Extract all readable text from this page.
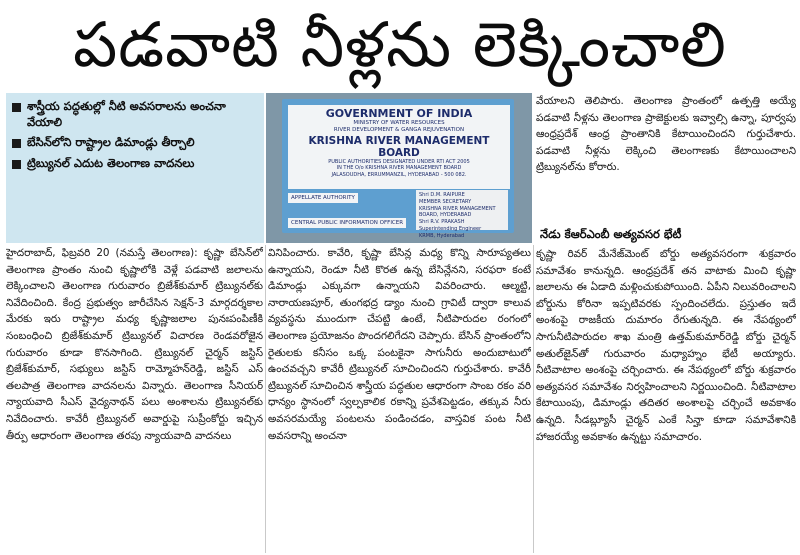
పడవాటి నీళ్లను లెక్కించాలి
శాస్త్రీయ పద్ధతుల్లో నీటి అవసరాలను అంచనా వేయాలి
బేసిన్‌లోని రాష్ట్రాల డిమాండ్లు తీర్చాలి
ట్రిబ్యునల్ ఎదుట తెలంగాణ వాదనలు
GOVERNMENT OF INDIA
MINISTRY OF WATER RESOURCES
RIVER DEVELOPMENT & GANGA REJUVENATION
KRISHNA RIVER MANAGEMENT BOARD
PUBLIC AUTHORITIES DESIGNATED UNDER RTI ACT 2005
IN THE O/o KRISHNA RIVER MANAGEMENT BOARD
JALASOUDHA, ERRUMMANZIL, HYDERABAD - 500 082.
APPELLATE AUTHORITY
CENTRAL PUBLIC INFORMATION OFFICER
Shri D.M. RAIPURE
MEMBER SECRETARY
KRISHNA RIVER MANAGEMENT BOARD, HYDERABAD
Shri R.V. PRAKASH
Superintending Engineer
KRMB, Hyderabad
వేయాలని తెలిపారు. తెలంగాణ ప్రాంతంలో ఉత్పత్తి అయ్యే పడవాటి నీళ్లను తెలంగాణ ప్రాజెక్టులకు ఇవ్వాల్సి ఉన్నా, పూర్వపు ఆంధ్రప్రదేశ్ ఆంధ్ర ప్రాంతానికి కేటాయించిందని గుర్తుచేశారు. పడవాటి నీళ్లను లెక్కించి తెలంగాణకు కేటాయించాలని ట్రిబ్యునల్‌ను కోరారు.
నేడు కేఆర్‌ఎంబీ అత్యవసర భేటీ
హైదరాబాద్, ఫిబ్రవరి 20 (నమస్తే తెలంగాణ): కృష్ణా బేసిన్‌లో తెలంగాణ ప్రాంతం నుంచి కృష్ణాలోకి వెళ్లే పడవాటి జలాలను లెక్కించాలని తెలంగాణ గురువారం బ్రిజేశ్‌కుమార్ ట్రిబ్యునల్‌కు నివేదించింది. కేంద్ర ప్రభుత్వం జారీచేసిన సెక్షన్-3 మార్గదర్శకాల మేరకు ఇరు రాష్ట్రాల మధ్య కృష్ణాజలాల పునఃపంపిణీకి సంబంధించి బ్రిజేశ్‌కుమార్ ట్రిబ్యునల్ విచారణ రెండవరోజైన గురువారం కూడా కొనసాగింది. ట్రిబ్యునల్ చైర్మన్ జస్టిస్ బ్రిజేశ్‌కుమార్, సభ్యులు జస్టిస్ రామ్మోహన్‌రెడ్డి, జస్టిస్ ఎస్ తలపాత్ర తెలంగాణ వాదనలను విన్నారు. తెలంగాణ సీనియర్ న్యాయవాది సీఎస్ వైద్యనాథన్ పలు అంశాలను ట్రిబ్యునల్‌కు నివేదించారు. కావేరీ ట్రిబ్యునల్ అవార్డుపై సుప్రీంకోర్టు ఇచ్చిన తీర్పు ఆధారంగా తెలంగాణ తరపు న్యాయవాది వాదనలు
వినిపించారు. కావేరి, కృష్ణా బేసిన్ల మధ్య కొన్ని సారూప్యతలు ఉన్నాయని, రెండూ నీటి కొరత ఉన్న బేసిన్లేనని, సరఫరా కంటే డిమాండ్లు ఎక్కువగా ఉన్నాయని వివరించారు. ఆల్మట్టి, నారాయణపూర్, తుంగభద్ర డ్యాం నుంచి గ్రావిటీ ద్వారా కాలువ వ్యవస్థను ముందుగా చేపట్టి ఉంటే, నీటిపారుదల రంగంలో తెలంగాణ ప్రయోజనం పొందగలిగేదని చెప్పారు. బేసిన్ ప్రాంతంలోని రైతులకు కనీసం ఒక్క పంటకైనా సాగునీరు అందుబాటులో ఉంచవచ్చని కావేరీ ట్రిబ్యునల్ సూచించిందని గుర్తుచేశారు. కావేరీ ట్రిబ్యునల్ సూచించిన శాస్త్రీయ పద్ధతుల ఆధారంగా సాంబ రకం వరి ధాన్యం స్థానంలో స్వల్పకాలిక రకాన్ని ప్రవేశపెట్టడం, తక్కువ నీరు అవసరమయ్యే పంటలను పండించడం, వాస్తవిక పంట నీటి అవసరాన్ని అంచనా
కృష్ణా రివర్ మేనేజ్‌మెంట్ బోర్డు అత్యవసరంగా శుక్రవారం సమావేశం కానున్నది. ఆంధ్రప్రదేశ్ తన వాటాకు మించి కృష్ణా జలాలను ఈ ఏడాది మళ్లించుకుపోయింది. ఏపీని నిలువరించాలని బోర్డును కోరినా ఇప్పటివరకు స్పందించలేదు. ప్రస్తుతం ఇదే అంశంపై రాజకీయ దుమారం రేగుతున్నది. ఈ నేపథ్యంలో సాగునీటిపారుదల శాఖ మంత్రి ఉత్తమ్‌కుమార్‌రెడ్డి బోర్డు చైర్మన్ అతుల్‌జైన్‌తో గురువారం మధ్యాహ్నం భేటీ అయ్యారు. నీటివాటాల అంశంపై చర్చించారు. ఈ నేపథ్యంలో బోర్డు శుక్రవారం అత్యవసర సమావేశం నిర్వహించాలని నిర్ణయించింది. నీటివాటాల కేటాయింపు, డిమాండ్లు తదితర అంశాలపై చర్చించే అవకాశం ఉన్నది. సీడబ్ల్యూసీ చైర్మన్ ఎంకే సిన్హా కూడా సమావేశానికి హాజరయ్యే అవకాశం ఉన్నట్టు సమాచారం.
